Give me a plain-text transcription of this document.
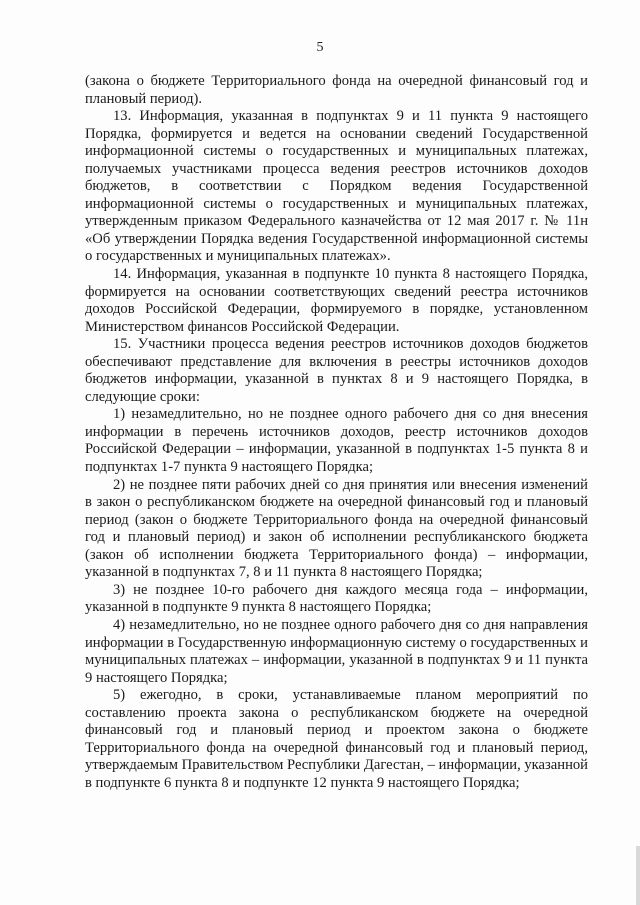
5

(закона о бюджете Территориального фонда на очередной финансовый год и плановый период).

13. Информация, указанная в подпунктах 9 и 11 пункта 9 настоящего Порядка, формируется и ведется на основании сведений Государственной информационной системы о государственных и муниципальных платежах, получаемых участниками процесса ведения реестров источников доходов бюджетов, в соответствии с Порядком ведения Государственной информационной системы о государственных и муниципальных платежах, утвержденным приказом Федерального казначейства от 12 мая 2017 г. № 11н «Об утверждении Порядка ведения Государственной информационной системы о государственных и муниципальных платежах».

14. Информация, указанная в подпункте 10 пункта 8 настоящего Порядка, формируется на основании соответствующих сведений реестра источников доходов Российской Федерации, формируемого в порядке, установленном Министерством финансов Российской Федерации.

15. Участники процесса ведения реестров источников доходов бюджетов обеспечивают представление для включения в реестры источников доходов бюджетов информации, указанной в пунктах 8 и 9 настоящего Порядка, в следующие сроки:

1) незамедлительно, но не позднее одного рабочего дня со дня внесения информации в перечень источников доходов, реестр источников доходов Российской Федерации – информации, указанной в подпунктах 1-5 пункта 8 и подпунктах 1-7 пункта 9 настоящего Порядка;

2) не позднее пяти рабочих дней со дня принятия или внесения изменений в закон о республиканском бюджете на очередной финансовый год и плановый период (закон о бюджете Территориального фонда на очередной финансовый год и плановый период) и закон об исполнении республиканского бюджета (закон об исполнении бюджета Территориального фонда) – информации, указанной в подпунктах 7, 8 и 11 пункта 8 настоящего Порядка;

3) не позднее 10-го рабочего дня каждого месяца года – информации, указанной в подпункте 9 пункта 8 настоящего Порядка;

4) незамедлительно, но не позднее одного рабочего дня со дня направления информации в Государственную информационную систему о государственных и муниципальных платежах – информации, указанной в подпунктах 9 и 11 пункта 9 настоящего Порядка;

5) ежегодно, в сроки, устанавливаемые планом мероприятий по составлению проекта закона о республиканском бюджете на очередной финансовый год и плановый период и проектом закона о бюджете Территориального фонда на очередной финансовый год и плановый период, утверждаемым Правительством Республики Дагестан, – информации, указанной в подпункте 6 пункта 8 и подпункте 12 пункта 9 настоящего Порядка;
